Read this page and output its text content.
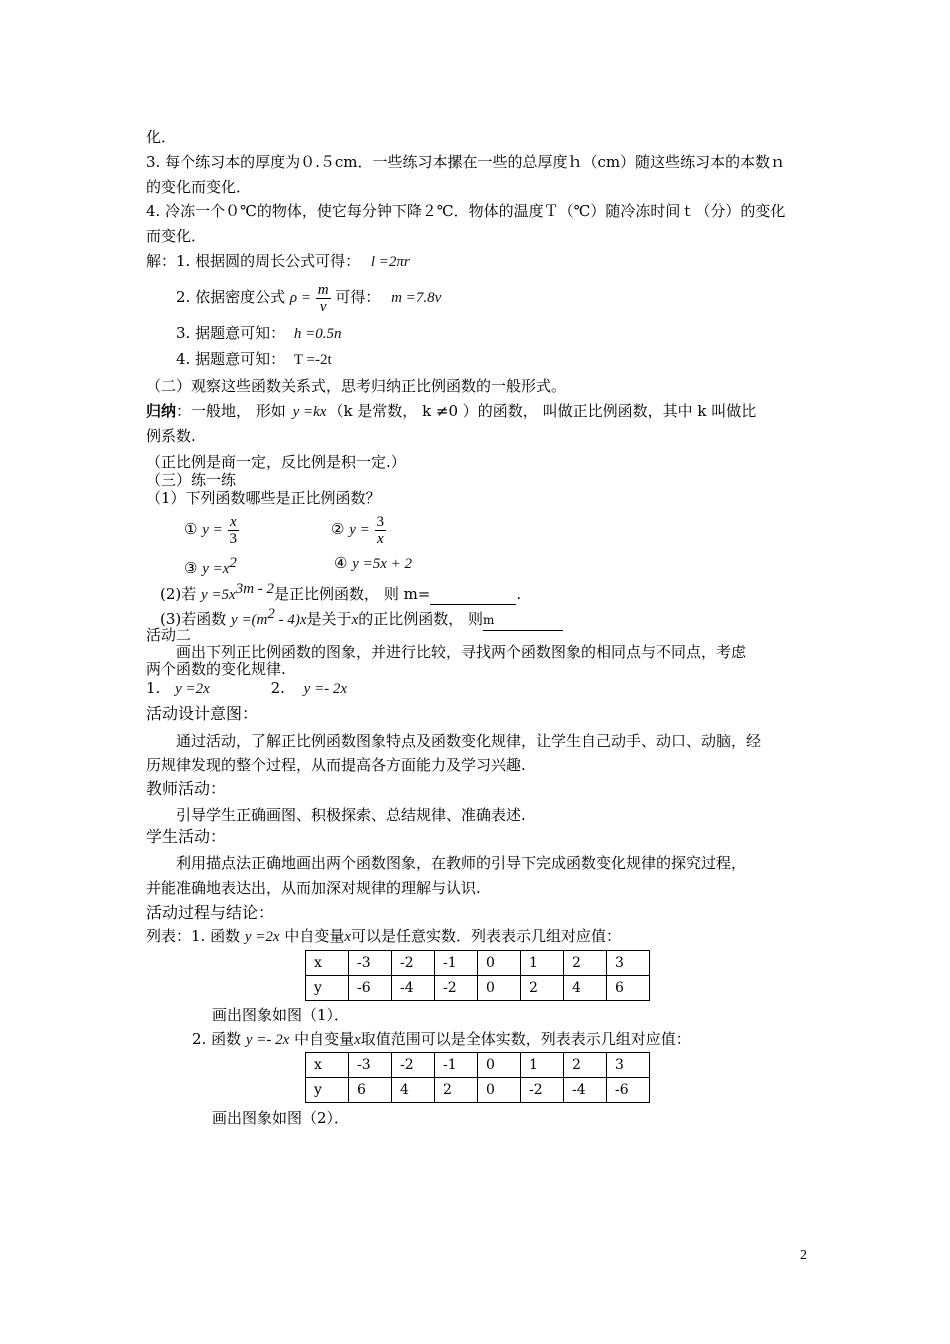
化．
3. 每个练习本的厚度为０.５cm．一些练习本摞在一些的总厚度ｈ（cm）随这些练习本的本数ｎ
的变化而变化．
4. 冷冻一个０℃的物体，使它每分钟下降２℃．物体的温度Ｔ（℃）随冷冻时间ｔ（分）的变化
而变化．
解：1. 根据圆的周长公式可得： l =2πr
2. 依据密度公式 $\rho = \frac{m}{v}$ 可得： m =7.8v
3. 据题意可知： h =0.5n
4. 据题意可知： T =-2t
（二）观察这些函数关系式，思考归纳正比例函数的一般形式。
归纳：一般地， 形如 y =kx （k 是常数， k ≠0 ）的函数， 叫做正比例函数，其中 k 叫做比
例系数.
（正比例是商一定，反比例是积一定.）
（三）练一练
（1）下列函数哪些是正比例函数？
① $y = \frac{x}{3}$	② $y = \frac{3}{x}$
③ $y =x^2$	④ y =5x + 2
(2)若 $y =5x^{3m - 2}$是正比例函数， 则 m=	.
(3)若函数 $y =(m^2 - 4)x$是关于x的正比例函数， 则m
活动二
画出下列正比例函数的图象，并进行比较，寻找两个函数图象的相同点与不同点，考虑
两个函数的变化规律.
1. y =2x	2. y =- 2x
活动设计意图：
通过活动，了解正比例函数图象特点及函数变化规律，让学生自己动手、动口、动脑，经
历规律发现的整个过程，从而提高各方面能力及学习兴趣.
教师活动：
引导学生正确画图、积极探索、总结规律、准确表述.
学生活动：
利用描点法正确地画出两个函数图象，在教师的引导下完成函数变化规律的探究过程，
并能准确地表达出，从而加深对规律的理解与认识.
活动过程与结论：
列表：1. 函数 y =2x 中自变量x可以是任意实数．列表表示几组对应值：
x	-3	-2	-1	0	1	2	3
y	-6	-4	-2	0	2	4	6
画出图象如图（1）．
2. 函数 y =- 2x 中自变量x取值范围可以是全体实数，列表表示几组对应值：
x	-3	-2	-1	0	1	2	3
y	6	4	2	0	-2	-4	-6
画出图象如图（2）．
2
